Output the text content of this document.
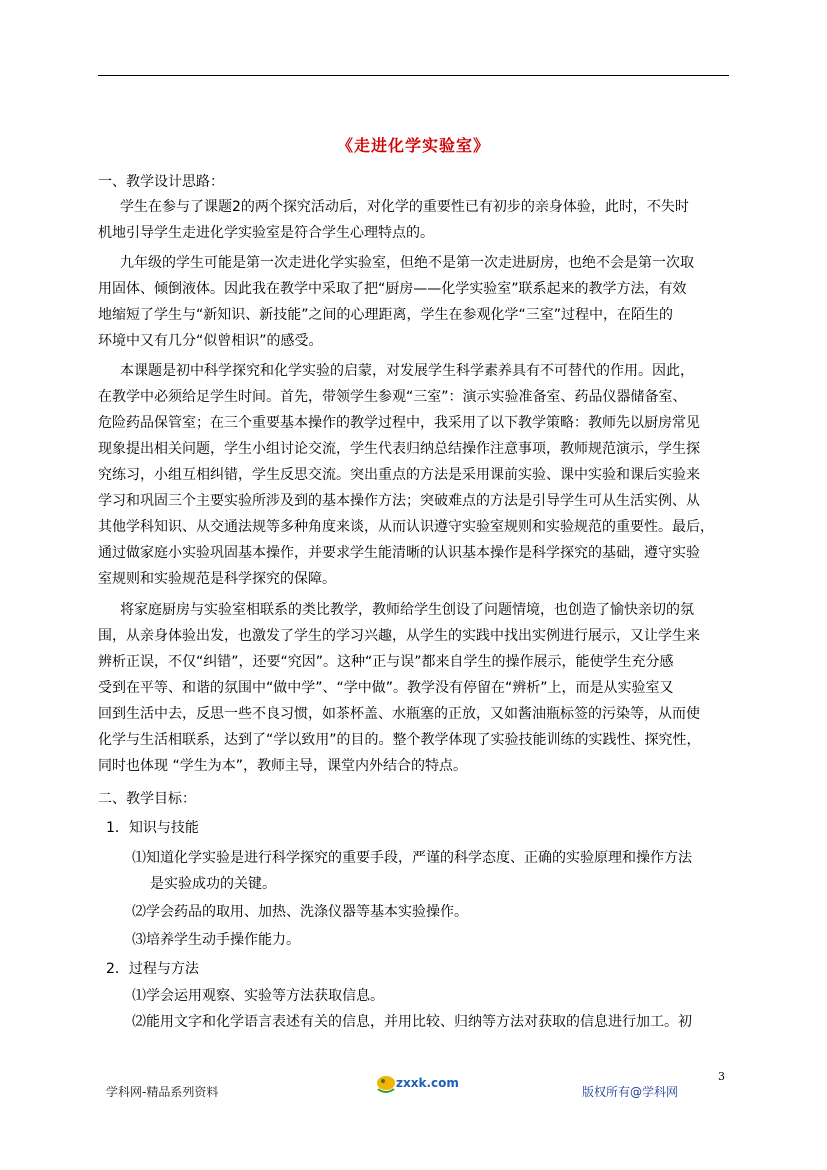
《走进化学实验室》
一、教学设计思路：
学生在参与了课题2的两个探究活动后，对化学的重要性已有初步的亲身体验，此时，不失时
机地引导学生走进化学实验室是符合学生心理特点的。
九年级的学生可能是第一次走进化学实验室，但绝不是第一次走进厨房，也绝不会是第一次取
用固体、倾倒液体。因此我在教学中采取了把“厨房——化学实验室”联系起来的教学方法，有效
地缩短了学生与“新知识、新技能”之间的心理距离，学生在参观化学“三室”过程中，在陌生的
环境中又有几分“似曾相识”的感受。
本课题是初中科学探究和化学实验的启蒙，对发展学生科学素养具有不可替代的作用。因此，
在教学中必须给足学生时间。首先，带领学生参观“三室”：演示实验准备室、药品仪器储备室、
危险药品保管室；在三个重要基本操作的教学过程中，我采用了以下教学策略：教师先以厨房常见
现象提出相关问题，学生小组讨论交流，学生代表归纳总结操作注意事项，教师规范演示，学生探
究练习，小组互相纠错，学生反思交流。突出重点的方法是采用课前实验、课中实验和课后实验来
学习和巩固三个主要实验所涉及到的基本操作方法；突破难点的方法是引导学生可从生活实例、从
其他学科知识、从交通法规等多种角度来谈，从而认识遵守实验室规则和实验规范的重要性。最后，
通过做家庭小实验巩固基本操作，并要求学生能清晰的认识基本操作是科学探究的基础，遵守实验
室规则和实验规范是科学探究的保障。
将家庭厨房与实验室相联系的类比教学，教师给学生创设了问题情境，也创造了愉快亲切的氛
围，从亲身体验出发，也激发了学生的学习兴趣，从学生的实践中找出实例进行展示，又让学生来
辨析正误，不仅“纠错”，还要“究因”。这种“正与误”都来自学生的操作展示，能使学生充分感
受到在平等、和谐的氛围中“做中学”、“学中做”。教学没有停留在“辨析”上，而是从实验室又
回到生活中去，反思一些不良习惯，如茶杯盖、水瓶塞的正放，又如酱油瓶标签的污染等，从而使
化学与生活相联系，达到了“学以致用”的目的。整个教学体现了实验技能训练的实践性、探究性，
同时也体现 “学生为本”，教师主导，课堂内外结合的特点。
二、教学目标：
1．知识与技能
⑴知道化学实验是进行科学探究的重要手段，严谨的科学态度、正确的实验原理和操作方法
是实验成功的关键。
⑵学会药品的取用、加热、洗涤仪器等基本实验操作。
⑶培养学生动手操作能力。
2．过程与方法
⑴学会运用观察、实验等方法获取信息。
⑵能用文字和化学语言表述有关的信息，并用比较、归纳等方法对获取的信息进行加工。初
3
学科网-精品系列资料
zxxk.com
版权所有@学科网
